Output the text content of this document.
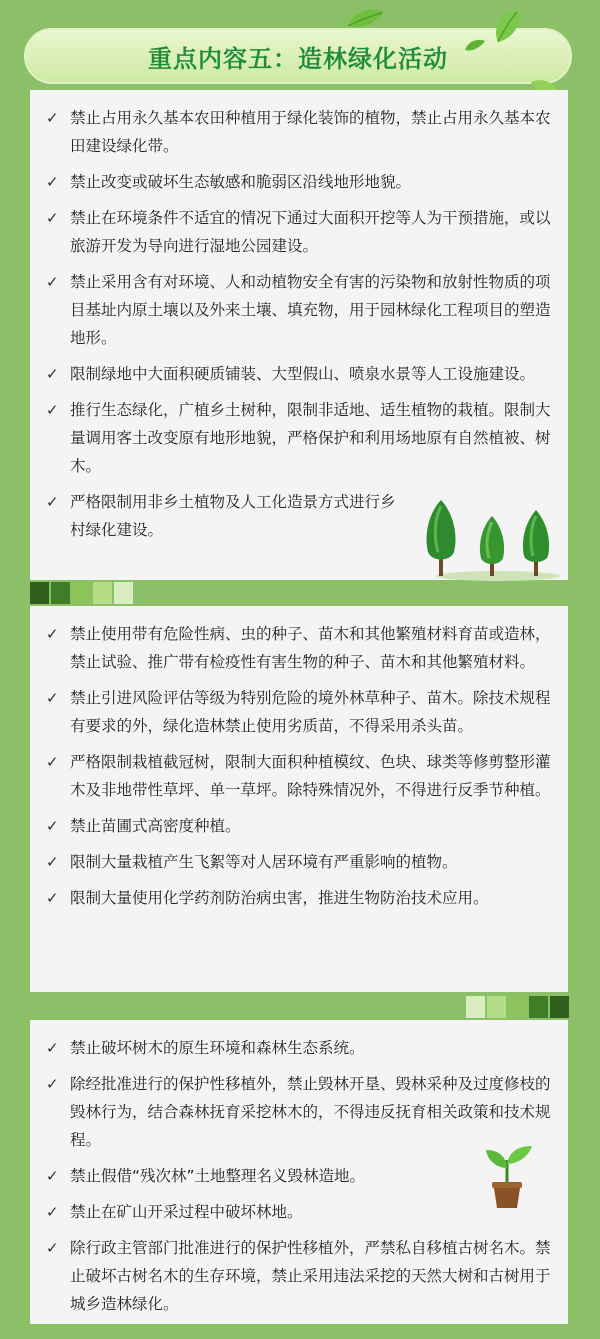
重点内容五：造林绿化活动
✓ 禁止占用永久基本农田种植用于绿化装饰的植物，禁止占用永久基本农田建设绿化带。
✓ 禁止改变或破坏生态敏感和脆弱区沿线地形地貌。
✓ 禁止在环境条件不适宜的情况下通过大面积开挖等人为干预措施，或以旅游开发为导向进行湿地公园建设。
✓ 禁止采用含有对环境、人和动植物安全有害的污染物和放射性物质的项目基址内原土壤以及外来土壤、填充物，用于园林绿化工程项目的塑造地形。
✓ 限制绿地中大面积硬质铺装、大型假山、喷泉水景等人工设施建设。
✓ 推行生态绿化，广植乡土树种，限制非适地、适生植物的栽植。限制大量调用客土改变原有地形地貌，严格保护和利用场地原有自然植被、树木。
✓ 严格限制用非乡土植物及人工化造景方式进行乡村绿化建设。
✓ 禁止使用带有危险性病、虫的种子、苗木和其他繁殖材料育苗或造林，禁止试验、推广带有检疫性有害生物的种子、苗木和其他繁殖材料。
✓ 禁止引进风险评估等级为特别危险的境外林草种子、苗木。除技术规程有要求的外，绿化造林禁止使用劣质苗，不得采用杀头苗。
✓ 严格限制栽植截冠树，限制大面积种植模纹、色块、球类等修剪整形灌木及非地带性草坪、单一草坪。除特殊情况外，不得进行反季节种植。
✓ 禁止苗圃式高密度种植。
✓ 限制大量栽植产生飞絮等对人居环境有严重影响的植物。
✓ 限制大量使用化学药剂防治病虫害，推进生物防治技术应用。
✓ 禁止破坏树木的原生环境和森林生态系统。
✓ 除经批准进行的保护性移植外，禁止毁林开垦、毁林采种及过度修枝的毁林行为，结合森林抚育采挖林木的，不得违反抚育相关政策和技术规程。
✓ 禁止假借“残次林”土地整理名义毁林造地。
✓ 禁止在矿山开采过程中破坏林地。
✓ 除行政主管部门批准进行的保护性移植外，严禁私自移植古树名木。禁止破坏古树名木的生存环境，禁止采用违法采挖的天然大树和古树用于城乡造林绿化。
